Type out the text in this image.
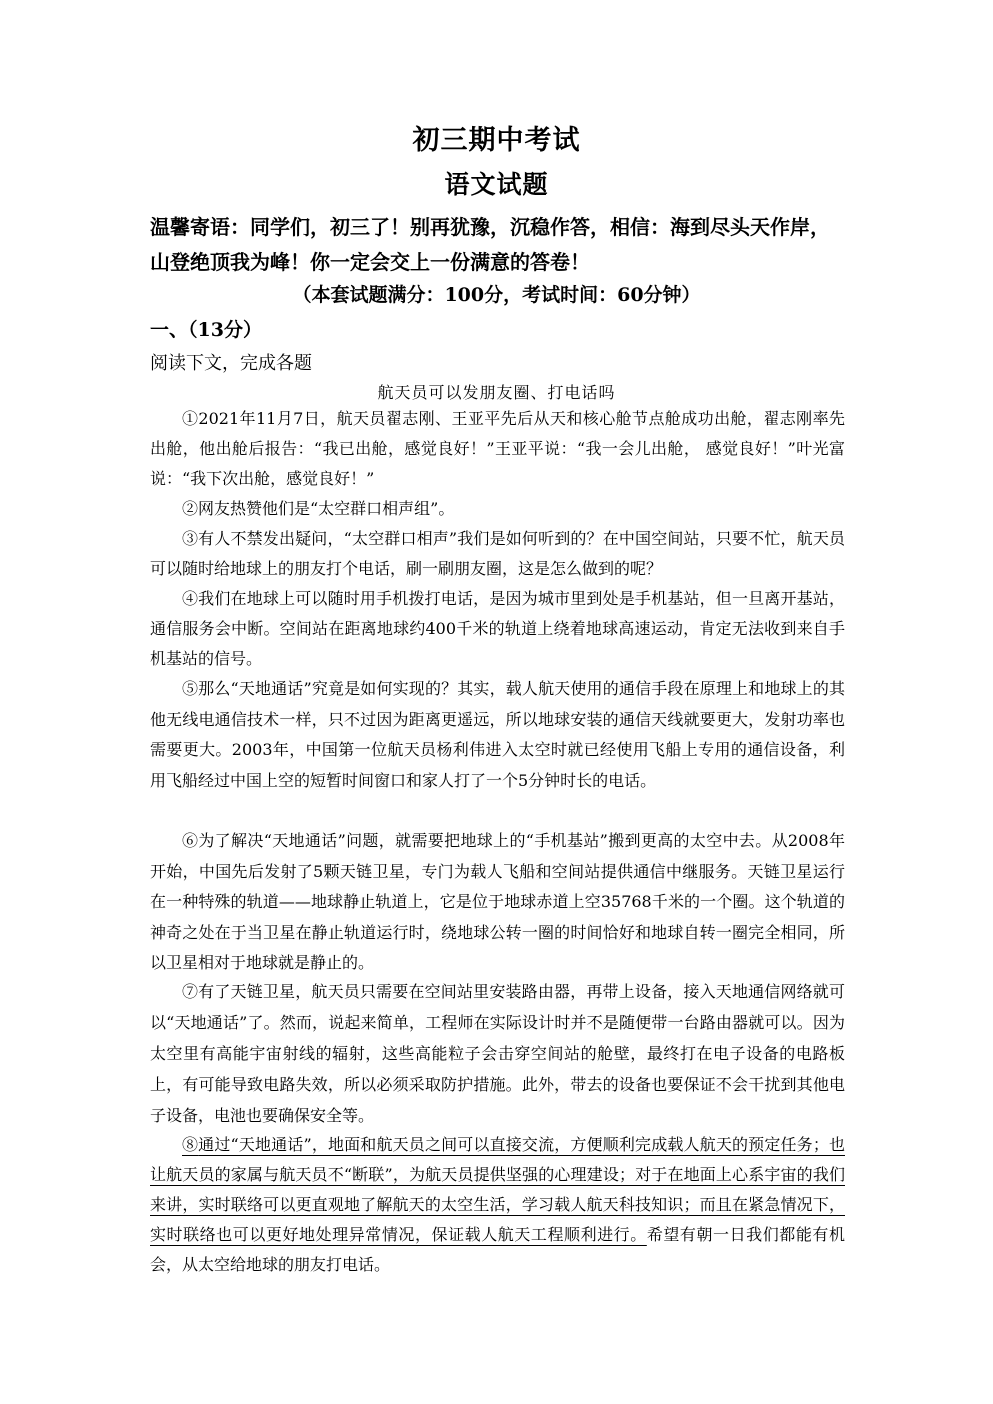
初三期中考试
语文试题
温馨寄语：同学们，初三了！别再犹豫，沉稳作答，相信：海到尽头天作岸，
山登绝顶我为峰！你一定会交上一份满意的答卷！
（本套试题满分：100分，考试时间：60分钟）
一、（13分）
阅读下文，完成各题
航天员可以发朋友圈、打电话吗

①2021年11月7日，航天员翟志刚、王亚平先后从天和核心舱节点舱成功出舱，翟志刚率先出舱，他出舱后报告：“我已出舱，感觉良好！”王亚平说：“我一会儿出舱， 感觉良好！”叶光富说：“我下次出舱，感觉良好！”

②网友热赞他们是“太空群口相声组”。

③有人不禁发出疑问，“太空群口相声”我们是如何听到的？在中国空间站，只要不忙，航天员可以随时给地球上的朋友打个电话，刷一刷朋友圈，这是怎么做到的呢？

④我们在地球上可以随时用手机拨打电话，是因为城市里到处是手机基站，但一旦离开基站，通信服务会中断。空间站在距离地球约400千米的轨道上绕着地球高速运动，肯定无法收到来自手机基站的信号。

⑤那么“天地通话”究竟是如何实现的？其实，载人航天使用的通信手段在原理上和地球上的其他无线电通信技术一样，只不过因为距离更遥远，所以地球安装的通信天线就要更大，发射功率也需要更大。2003年，中国第一位航天员杨利伟进入太空时就已经使用飞船上专用的通信设备，利用飞船经过中国上空的短暂时间窗口和家人打了一个5分钟时长的电话。

⑥为了解决“天地通话”问题，就需要把地球上的“手机基站”搬到更高的太空中去。从2008年开始，中国先后发射了5颗天链卫星，专门为载人飞船和空间站提供通信中继服务。天链卫星运行在一种特殊的轨道——地球静止轨道上，它是位于地球赤道上空35768千米的一个圈。这个轨道的神奇之处在于当卫星在静止轨道运行时，绕地球公转一圈的时间恰好和地球自转一圈完全相同，所以卫星相对于地球就是静止的。

⑦有了天链卫星，航天员只需要在空间站里安装路由器，再带上设备，接入天地通信网络就可以“天地通话”了。然而，说起来简单，工程师在实际设计时并不是随便带一台路由器就可以。因为太空里有高能宇宙射线的辐射，这些高能粒子会击穿空间站的舱壁，最终打在电子设备的电路板上，有可能导致电路失效，所以必须采取防护措施。此外，带去的设备也要保证不会干扰到其他电子设备，电池也要确保安全等。

⑧通过“天地通话”，地面和航天员之间可以直接交流，方便顺利完成载人航天的预定任务；也让航天员的家属与航天员不“断联”，为航天员提供坚强的心理建设；对于在地面上心系宇宙的我们来讲，实时联络可以更直观地了解航天的太空生活，学习载人航天科技知识；而且在紧急情况下，实时联络也可以更好地处理异常情况，保证载人航天工程顺利进行。希望有朝一日我们都能有机会，从太空给地球的朋友打电话。
